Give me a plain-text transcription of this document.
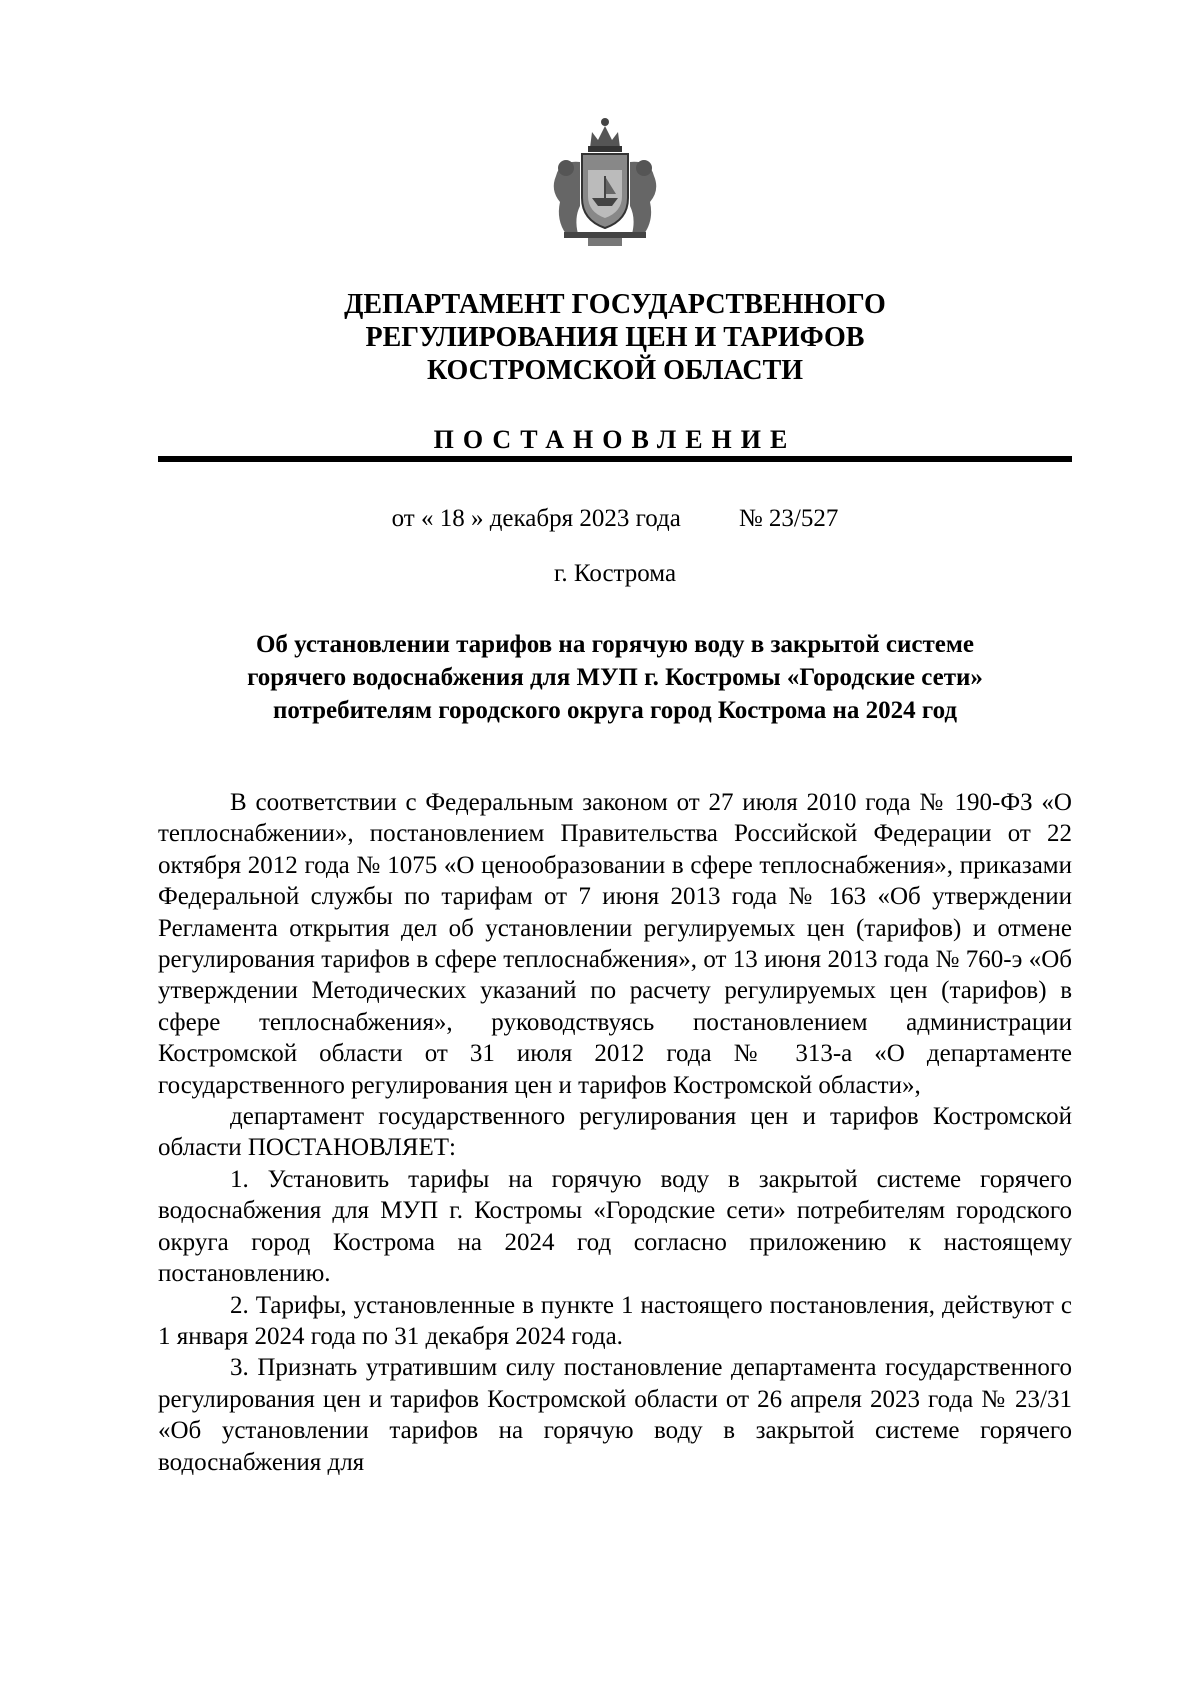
ДЕПАРТАМЕНТ ГОСУДАРСТВЕННОГО
РЕГУЛИРОВАНИЯ ЦЕН И ТАРИФОВ
КОСТРОМСКОЙ ОБЛАСТИ
ПОСТАНОВЛЕНИЕ
от « 18 » декабря 2023 года № 23/527
г. Кострома
Об установлении тарифов на горячую воду в закрытой системе
горячего водоснабжения для МУП г. Костромы «Городские сети»
потребителям городского округа город Кострома на 2024 год

В соответствии с Федеральным законом от 27 июля 2010 года № 190-ФЗ «О теплоснабжении», постановлением Правительства Российской Федерации от 22 октября 2012 года № 1075 «О ценообразовании в сфере теплоснабжения», приказами Федеральной службы по тарифам от 7 июня 2013 года № 163 «Об утверждении Регламента открытия дел об установлении регулируемых цен (тарифов) и отмене регулирования тарифов в сфере теплоснабжения», от 13 июня 2013 года № 760-э «Об утверждении Методических указаний по расчету регулируемых цен (тарифов) в сфере теплоснабжения», руководствуясь постановлением администрации Костромской области от 31 июля 2012 года № 313-а «О департаменте государственного регулирования цен и тарифов Костромской области»,

департамент государственного регулирования цен и тарифов Костромской области ПОСТАНОВЛЯЕТ:

1. Установить тарифы на горячую воду в закрытой системе горячего водоснабжения для МУП г. Костромы «Городские сети» потребителям городского округа город Кострома на 2024 год согласно приложению к настоящему постановлению.

2. Тарифы, установленные в пункте 1 настоящего постановления, действуют с 1 января 2024 года по 31 декабря 2024 года.

3. Признать утратившим силу постановление департамента государственного регулирования цен и тарифов Костромской области от 26 апреля 2023 года № 23/31 «Об установлении тарифов на горячую воду в закрытой системе горячего водоснабжения для
